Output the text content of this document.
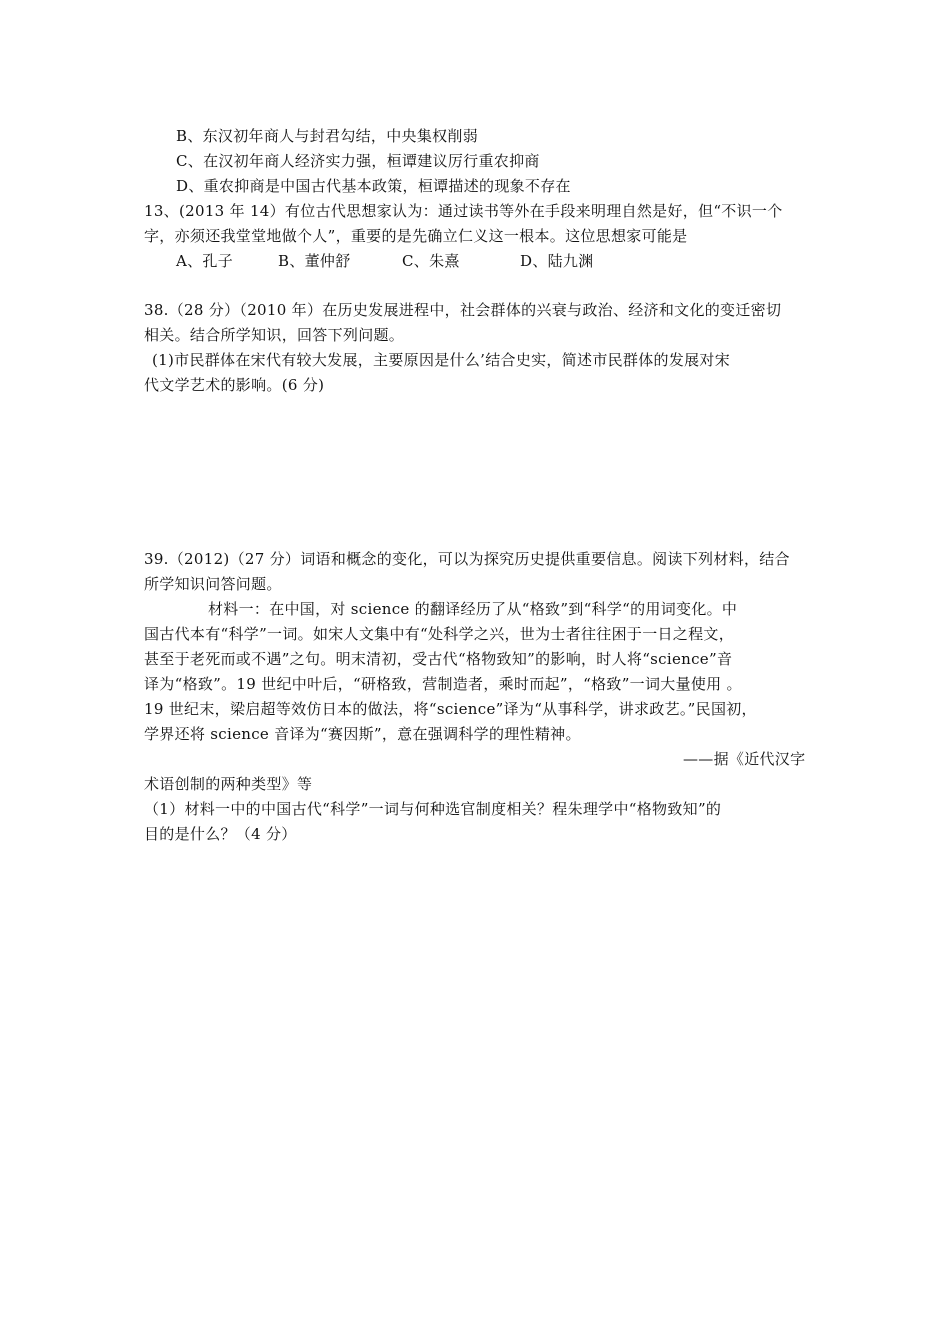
B、东汉初年商人与封君勾结，中央集权削弱
C、在汉初年商人经济实力强，桓谭建议厉行重农抑商
D、重农抑商是中国古代基本政策，桓谭描述的现象不存在
13、(2013 年 14）有位古代思想家认为：通过读书等外在手段来明理自然是好，但“不识一个
字，亦须还我堂堂地做个人”，重要的是先确立仁义这一根本。这位思想家可能是
A、孔子	B、董仲舒	C、朱熹	D、陆九渊
38.（28 分）（2010 年）在历史发展进程中，社会群体的兴衰与政治、经济和文化的变迁密切
相关。结合所学知识，回答下列问题。
(1)市民群体在宋代有较大发展，主要原因是什么’结合史实，简述市民群体的发展对宋
代文学艺术的影响。(6 分)
39.（2012)（27 分）词语和概念的变化，可以为探究历史提供重要信息。阅读下列材料，结合
所学知识问答问题。
材料一：在中国，对 science 的翻译经历了从“格致”到“科学“的用词变化。中
国古代本有“科学”一词。如宋人文集中有“处科学之兴，世为士者往往困于一日之程文，
甚至于老死而或不遇”之句。明末清初，受古代“格物致知”的影响，时人将“science”音
译为“格致”。19 世纪中叶后，“研格致，营制造者，乘时而起”，“格致”一词大量使用 。
19 世纪末，梁启超等效仿日本的做法，将“science”译为“从事科学，讲求政艺。”民国初，
学界还将 science 音译为“赛因斯”，意在强调科学的理性精神。
——据《近代汉字
术语创制的两种类型》等
（1）材料一中的中国古代“科学”一词与何种选官制度相关？程朱理学中“格物致知”的
目的是什么？（4 分）
